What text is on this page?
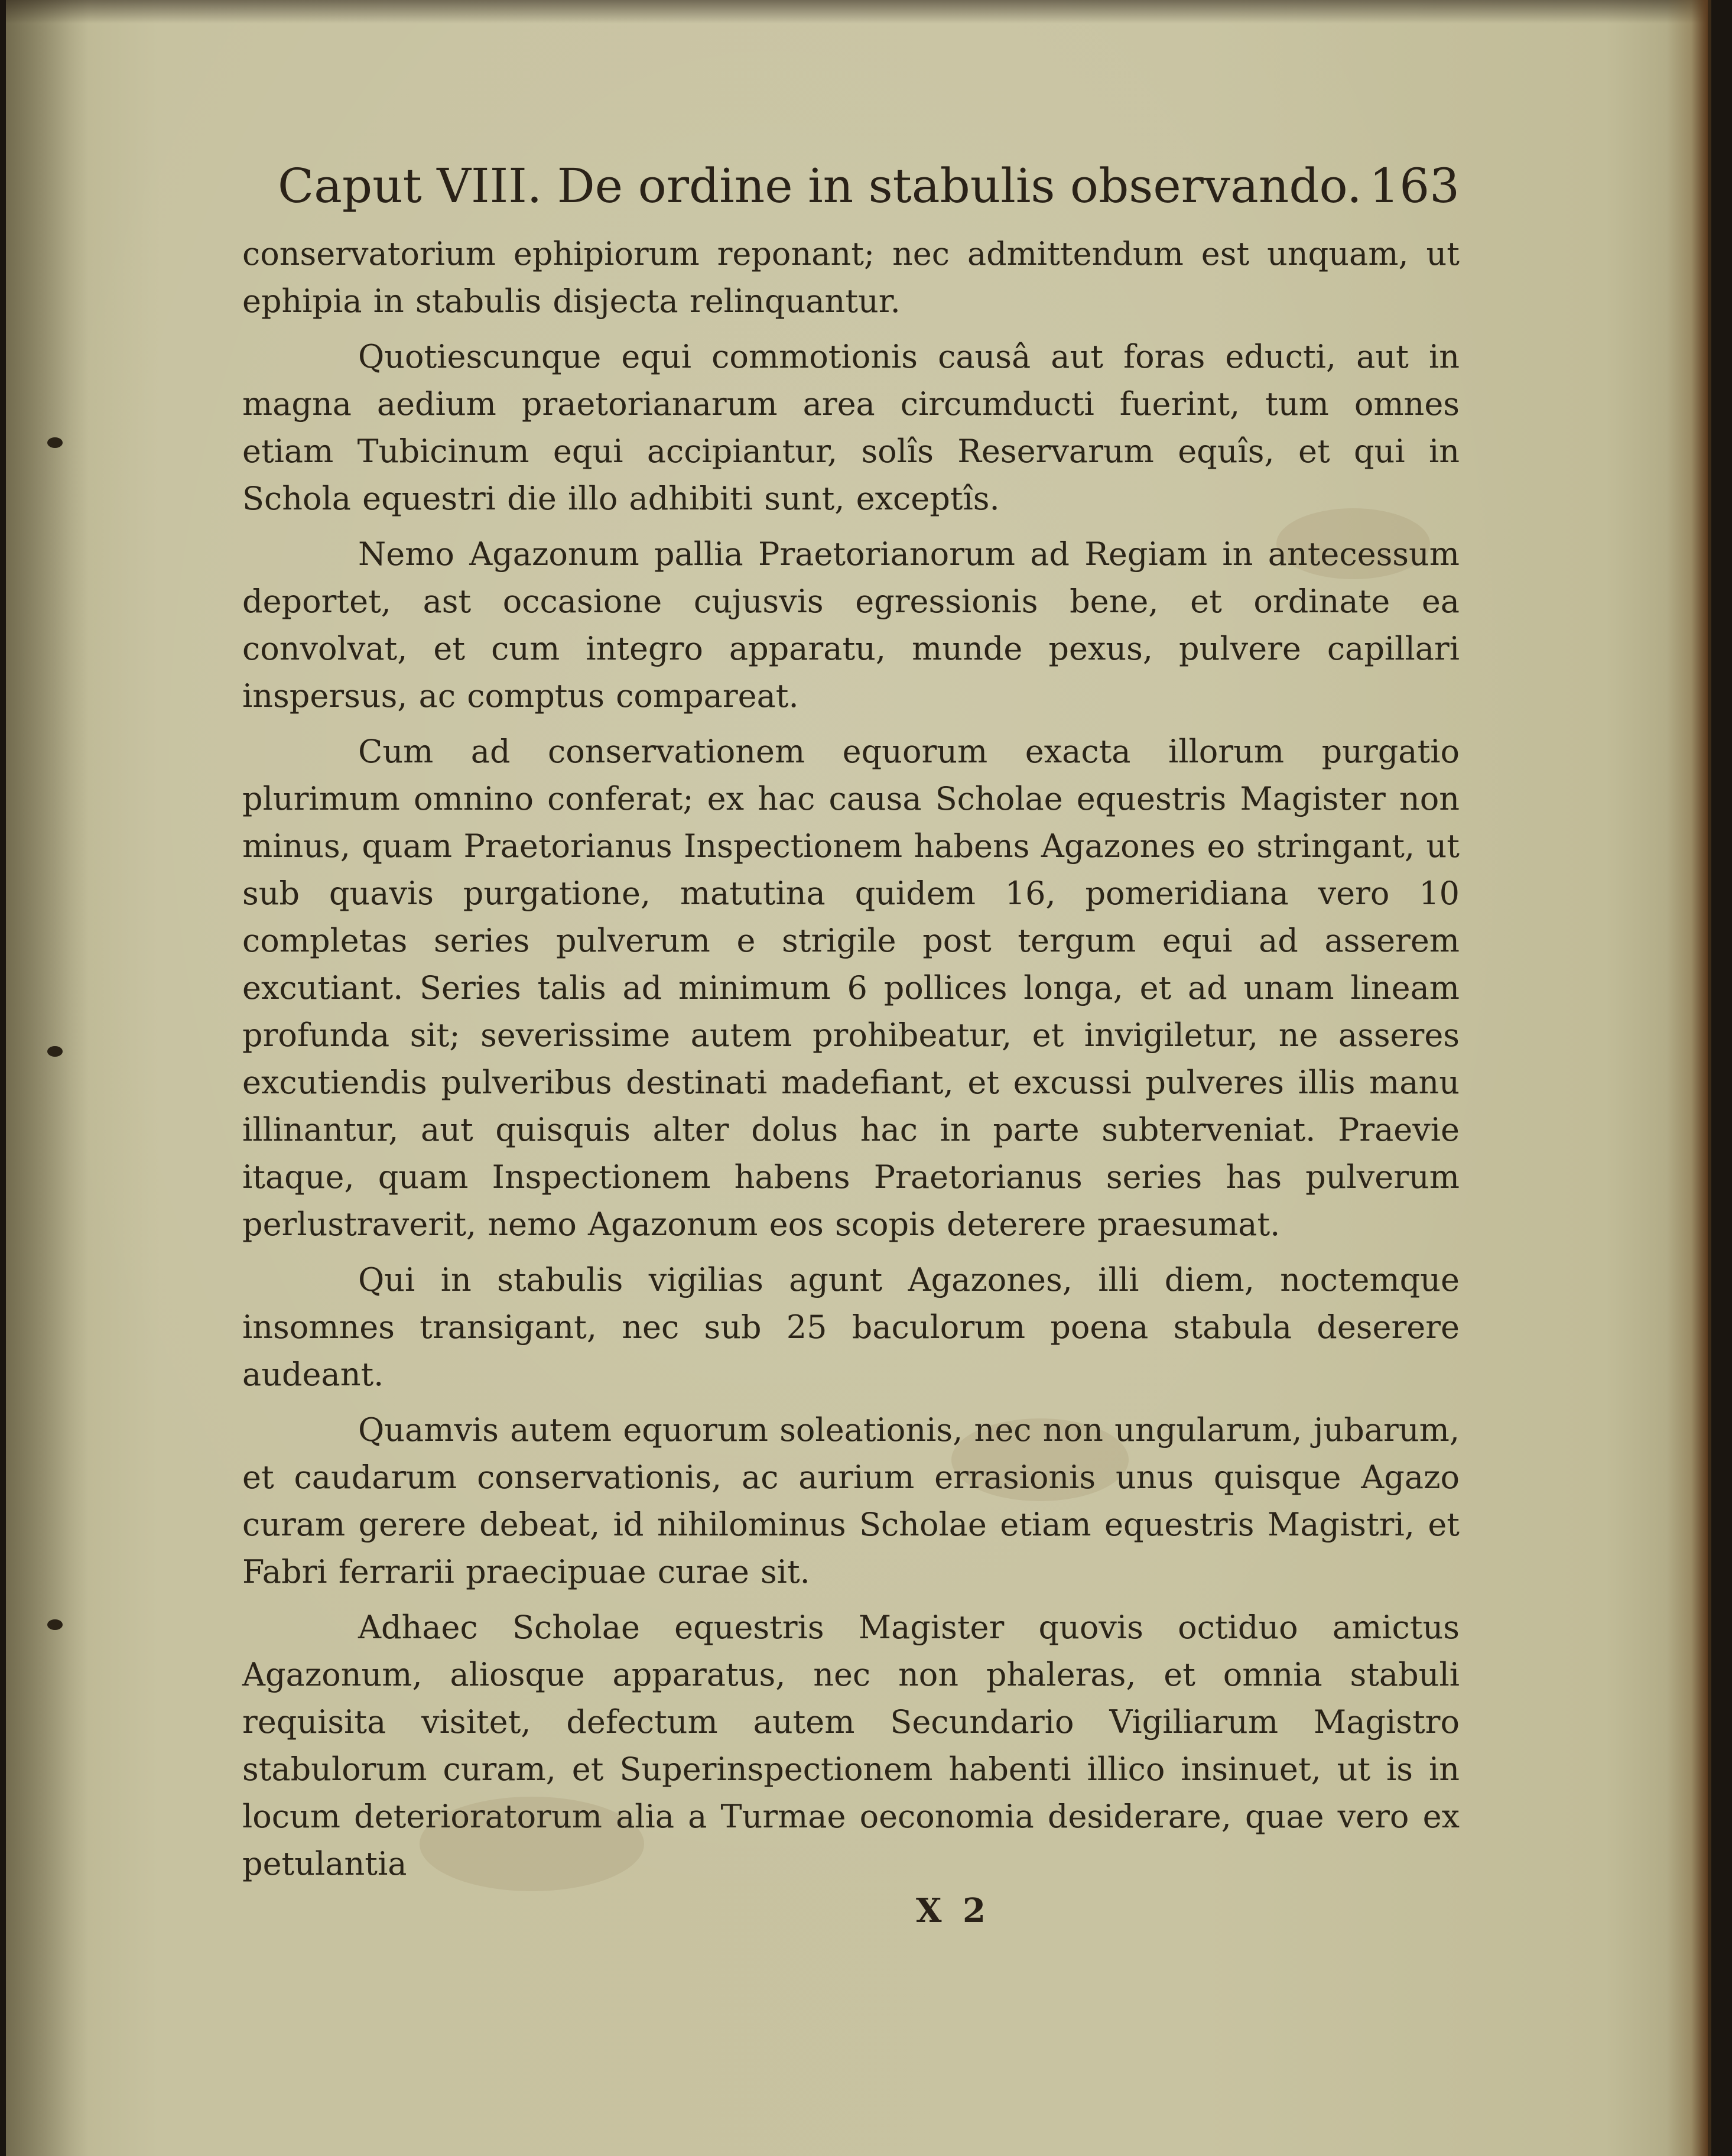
Caput VIII. De ordine in stabulis observando. 163

conservatorium ephipiorum reponant; nec admittendum est unquam, ut ephipia in stabulis disjecta relinquantur.

Quotiescunque equi commotionis causâ aut foras educti, aut in magna aedium praetorianarum area circumducti fuerint, tum omnes etiam Tubicinum equi accipiantur, solîs Reservarum equîs, et qui in Schola equestri die illo adhibiti sunt, exceptîs.

Nemo Agazonum pallia Praetorianorum ad Regiam in antecessum deportet, ast occasione cujusvis egressionis bene, et ordinate ea convolvat, et cum integro apparatu, munde pexus, pulvere capillari inspersus, ac comptus compareat.

Cum ad conservationem equorum exacta illorum purgatio plurimum omnino conferat; ex hac causa Scholae equestris Magister non minus, quam Praetorianus Inspectionem habens Agazones eo stringant, ut sub quavis purgatione, matutina quidem 16, pomeridiana vero 10 completas series pulverum e strigile post tergum equi ad asserem excutiant. Series talis ad minimum 6 pollices longa, et ad unam lineam profunda sit; severissime autem prohibeatur, et invigiletur, ne asseres excutiendis pulveribus destinati madefiant, et excussi pulveres illis manu illinantur, aut quisquis alter dolus hac in parte subterveniat. Praevie itaque, quam Inspectionem habens Praetorianus series has pulverum perlustraverit, nemo Agazonum eos scopis deterere praesumat.

Qui in stabulis vigilias agunt Agazones, illi diem, noctemque insomnes transigant, nec sub 25 baculorum poena stabula deserere audeant.

Quamvis autem equorum soleationis, nec non ungularum, jubarum, et caudarum conservationis, ac aurium errasionis unus quisque Agazo curam gerere debeat, id nihilominus Scholae etiam equestris Magistri, et Fabri ferrarii praecipuae curae sit.

Adhaec Scholae equestris Magister quovis octiduo amictus Agazonum, aliosque apparatus, nec non phaleras, et omnia stabuli requisita visitet, defectum autem Secundario Vigiliarum Magistro stabulorum curam, et Superinspectionem habenti illico insinuet, ut is in locum deterioratorum alia a Turmae oeconomia desiderare, quae vero ex petulantia

X 2
